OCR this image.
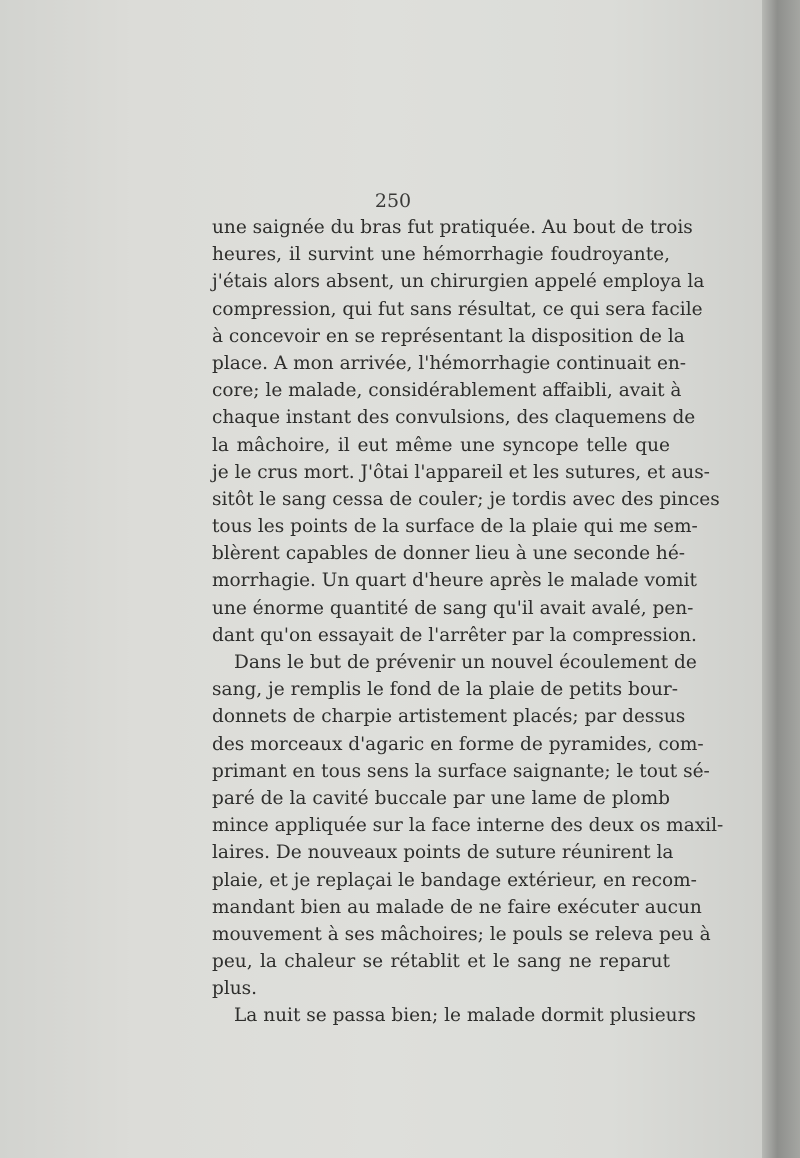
250

une saignée du bras fut pratiquée. Au bout de trois
heures, il survint une hémorrhagie foudroyante,
j'étais alors absent, un chirurgien appelé employa la
compression, qui fut sans résultat, ce qui sera facile
à concevoir en se représentant la disposition de la
place. A mon arrivée, l'hémorrhagie continuait en-
core; le malade, considérablement affaibli, avait à
chaque instant des convulsions, des claquemens de
la mâchoire, il eut même une syncope telle que
je le crus mort. J'ôtai l'appareil et les sutures, et aus-
sitôt le sang cessa de couler; je tordis avec des pinces
tous les points de la surface de la plaie qui me sem-
blèrent capables de donner lieu à une seconde hé-
morrhagie. Un quart d'heure après le malade vomit
une énorme quantité de sang qu'il avait avalé, pen-
dant qu'on essayait de l'arrêter par la compression.
Dans le but de prévenir un nouvel écoulement de
sang, je remplis le fond de la plaie de petits bour-
donnets de charpie artistement placés; par dessus
des morceaux d'agaric en forme de pyramides, com-
primant en tous sens la surface saignante; le tout sé-
paré de la cavité buccale par une lame de plomb
mince appliquée sur la face interne des deux os maxil-
laires. De nouveaux points de suture réunirent la
plaie, et je replaçai le bandage extérieur, en recom-
mandant bien au malade de ne faire exécuter aucun
mouvement à ses mâchoires; le pouls se releva peu à
peu, la chaleur se rétablit et le sang ne reparut
plus.
La nuit se passa bien; le malade dormit plusieurs
